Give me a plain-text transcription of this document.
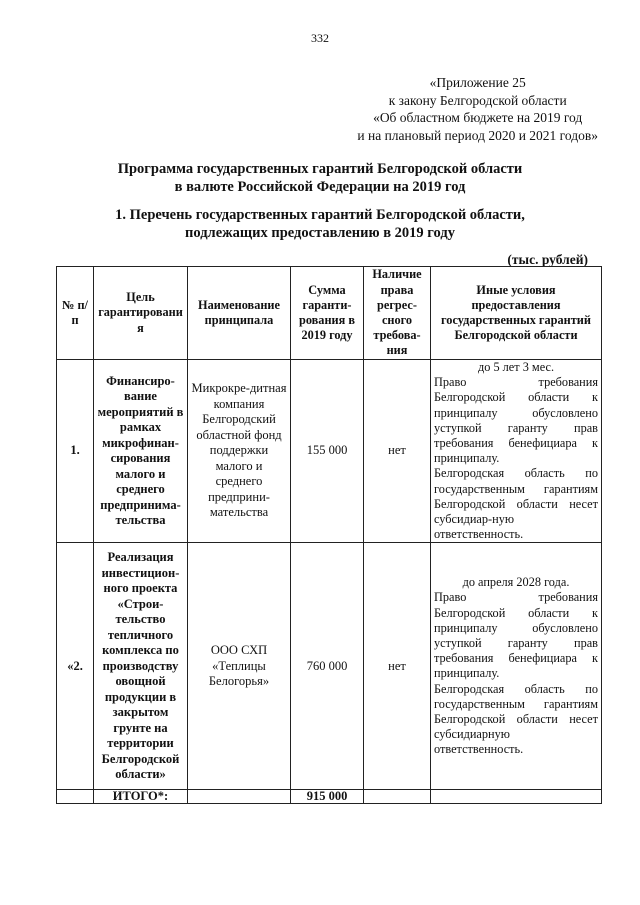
332
«Приложение 25
к закону Белгородской области
«Об областном бюджете на 2019 год
и на плановый период 2020 и 2021 годов»
Программа государственных гарантий Белгородской области
в валюте Российской Федерации на 2019 год
1. Перечень государственных гарантий Белгородской области,
подлежащих предоставлению в 2019 году
(тыс. рублей)
№ п/п	Цель гарантировани я	Наименование принципала	Сумма гаранти-рования в 2019 году	Наличие права регрес-сного требова-ния	Иные условия предоставления государственных гарантий Белгородской области
1.	Финансиро-вание мероприятий в рамках микрофинан-сирования малого и среднего предпринима-тельства	Микрокре-дитная компания Белгородский областной фонд поддержки малого и среднего предприни-мательства	155 000	нет	до 5 лет 3 мес.
Право требования Белгородской области к принципалу обусловлено уступкой гаранту прав требования бенефициара к принципалу.
Белгородская область по государственным гарантиям Белгородской области несет субсидиар-ную ответственность.

«2.	Реализация инвестицион-ного проекта «Строи-тельство тепличного комплекса по производству овощной продукции в закрытом грунте на территории Белгородской области»	ООО СХП «Теплицы Белогорья»	760 000	нет	до апреля 2028 года.
Право требования Белгородской области к принципалу обусловлено уступкой гаранту прав требования бенефициара к принципалу.
Белгородская область по государственным гарантиям Белгородской области несет субсидиарную ответственность.

	ИТОГО*:		915 000		
